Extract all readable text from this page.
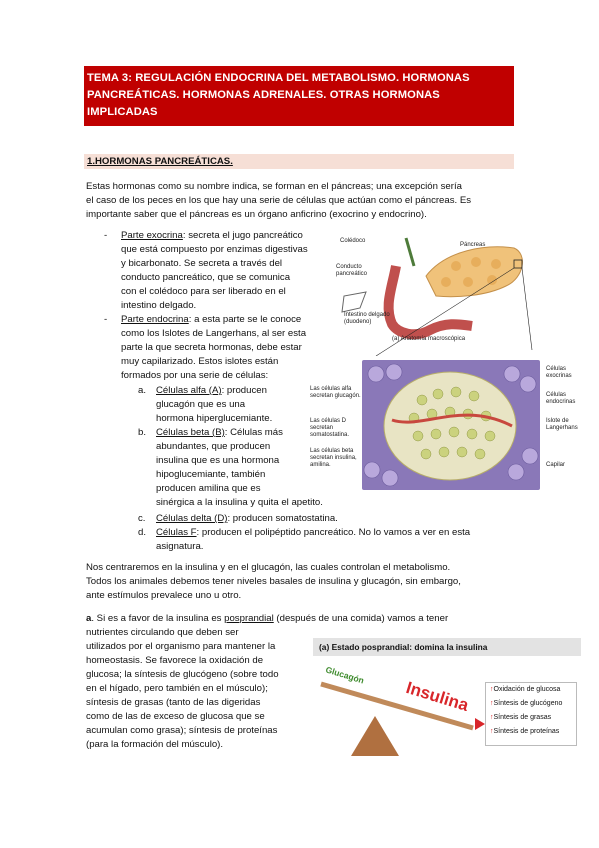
TEMA 3: REGULACIÓN ENDOCRINA DEL METABOLISMO. HORMONAS PANCREÁTICAS. HORMONAS ADRENALES. OTRAS HORMONAS IMPLICADAS

1.HORMONAS PANCREÁTICAS.
Estas hormonas como su nombre indica, se forman en el páncreas; una excepción sería
el caso de los peces en los que hay una serie de células que actúan como el páncreas. Es
importante saber que el páncreas es un órgano anficrino (exocrino y endocrino).
- Parte exocrina: secreta el jugo pancreático
que está compuesto por enzimas digestivas
y bicarbonato. Se secreta a través del
conducto pancreático, que se comunica
con el colédoco para ser liberado en el
intestino delgado.
- Parte endocrina: a esta parte se le conoce
como los Islotes de Langerhans, al ser esta
parte la que secreta hormonas, debe estar
muy capilarizado. Estos islotes están
formados por una serie de células:
a. Células alfa (A): producen
glucagón que es una
hormona hiperglucemiante.
b. Células beta (B): Células más
abundantes, que producen
insulina que es una hormona
hipoglucemiante, también
producen amilina que es
sinérgica a la insulina y quita el apetito.
c. Células delta (D): producen somatostatina.
d. Células F: producen el polipéptido pancreático. No lo vamos a ver en esta
asignatura.
Nos centraremos en la insulina y en el glucagón, las cuales controlan el metabolismo.
Todos los animales debemos tener niveles basales de insulina y glucagón, sin embargo,
ante estímulos prevalece uno u otro.
a. Si es a favor de la insulina es posprandial (después de una comida) vamos a tener
nutrientes circulando que deben ser
utilizados por el organismo para mantener la
homeostasis. Se favorece la oxidación de
glucosa; la síntesis de glucógeno (sobre todo
en el hígado, pero también en el músculo);
síntesis de grasas (tanto de las digeridas
como de las de exceso de glucosa que se
acumulan como grasa); síntesis de proteínas
(para la formación del músculo).
Colédoco
Páncreas
Conducto pancreático
Intestino delgado (duodeno)
(a) Anatomía macroscópica
Las células alfa secretan glucagón.
Las células D secretan somatostatina.
Las células beta secretan insulina, amilina.
Células exocrinas
Células endocrinas
Islote de Langerhans
Capilar
(a) Estado posprandial: domina la insulina
Glucagón
Insulina	↑Oxidación de glucosa
↑Síntesis de glucógeno
↑Síntesis de grasas
↑Síntesis de proteínas
